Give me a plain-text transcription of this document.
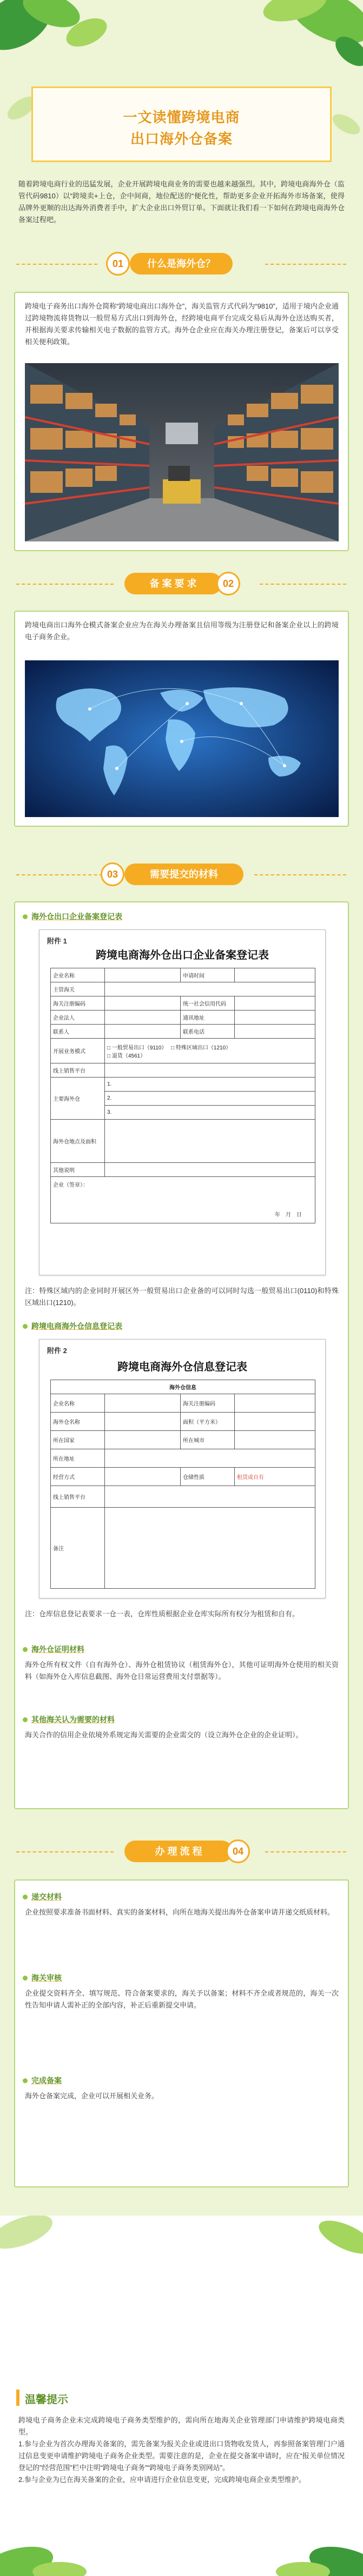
一文读懂跨境电商
出口海外仓备案
随着跨境电商行业的迅猛发展，企业开展跨境电商业务的需要也越来越强烈。其中，跨境电商海外仓（监管代码9810）以“跨境卖+上仓，企中间商，地位配送的“便化性，帮助更多企业开拓海外市场备案，使得品牌外更顺的出达海外消费者手中，扩大企业出口外贸订单。下面就让我们看一下如何在跨境电商海外仓备案过程吧。
01	什么是海外仓？
跨境电子商务出口海外仓简称“跨境电商出口海外仓”，海关监管方式代码为“9810”，适用于境内企业通过跨境物流将货物以一般贸易方式出口到海外仓，经跨境电商平台完成交易后从海外仓送达购买者，并根据海关要求传输相关电子数据的监管方式。海外仓企业应在海关办理注册登记，备案后可以享受相关便利政策。
备 案 要 求	02
跨境电商出口海外仓模式备案企业应为在海关办理备案且信用等级为注册登记和备案企业以上的跨境电子商务企业。
03	需要提交的材料
海外仓出口企业备案登记表
附件 1
跨境电商海外仓出口企业备案登记表
企业名称		申请时间	
主管海关			
海关注册编码		统一社会信用代码	
企业法人		通讯地址	
联系人		联系电话	
开展业务模式	□ 一般贸易出口（9110）　 □ 特殊区域出口（1210）
□ 退货（4561）		
线上销售平台			
主要海外仓	1.		
	2.		
	3.		
海外仓地点及面积			
其他说明			

企业（签章）：
年　月　日			
注：特殊区域内的企业同时开展区外一般贸易出口企业备的可以同时勾选一般贸易出口(0110)和特殊区域出口(1210)。
跨境电商海外仓信息登记表
附件 2
跨境电商海外仓信息登记表
海外仓信息			
企业名称		海关注册编码	
海外仓名称		面积（平方米）	
所在国家		所在城市	
所在地址			
经营方式		仓储性质	租赁或自有
线上销售平台			
备注			
注：仓库信息登记表要求一仓一表，仓库性质根据企业仓库实际所有权分为租赁和自有。
海外仓证明材料
海外仓所有权文件（自有海外仓）、海外仓租赁协议（租赁海外仓），其他可证明海外仓使用的相关资料（如海外仓入库信息截图、海外仓日常运营费用支付票据等）。
其他海关认为需要的材料
海关合作的信用企业依境外系规定海关需要的企业需交的（设立海外仓企业的企业证明）。
办 理 流 程	04
递交材料
企业按照要求准备书面材料、真实的备案材料，向所在地海关提出海外仓备案申请并递交纸质材料。
海关审核
企业提交资料齐全、填写规范、符合备案要求的，海关予以备案；材料不齐全或者规范的，海关一次性告知申请人需补正的全部内容，补正后重新提交申请。
完成备案
海外仓备案完成，企业可以开展相关业务。
温馨提示
跨境电子商务企业未完成跨境电子商务类型维护的，需向所在地海关企业管理部门申请维护跨境电商类型。
1.参与企业为首次办理海关备案的，需先备案为报关企业或进出口货物收发货人，再参照备案管理门户通过信息变更申请维护跨境电子商务企业类型。需要注意的是，企业在提交备案申请时，应在“报关单位情况登记的”经营范围”栏中注明“跨境电子商务”“跨境电子商务类别网站”。
2.参与企业为已在海关备案的企业，应申请进行企业信息变更，完成跨境电商企业类型维护。
